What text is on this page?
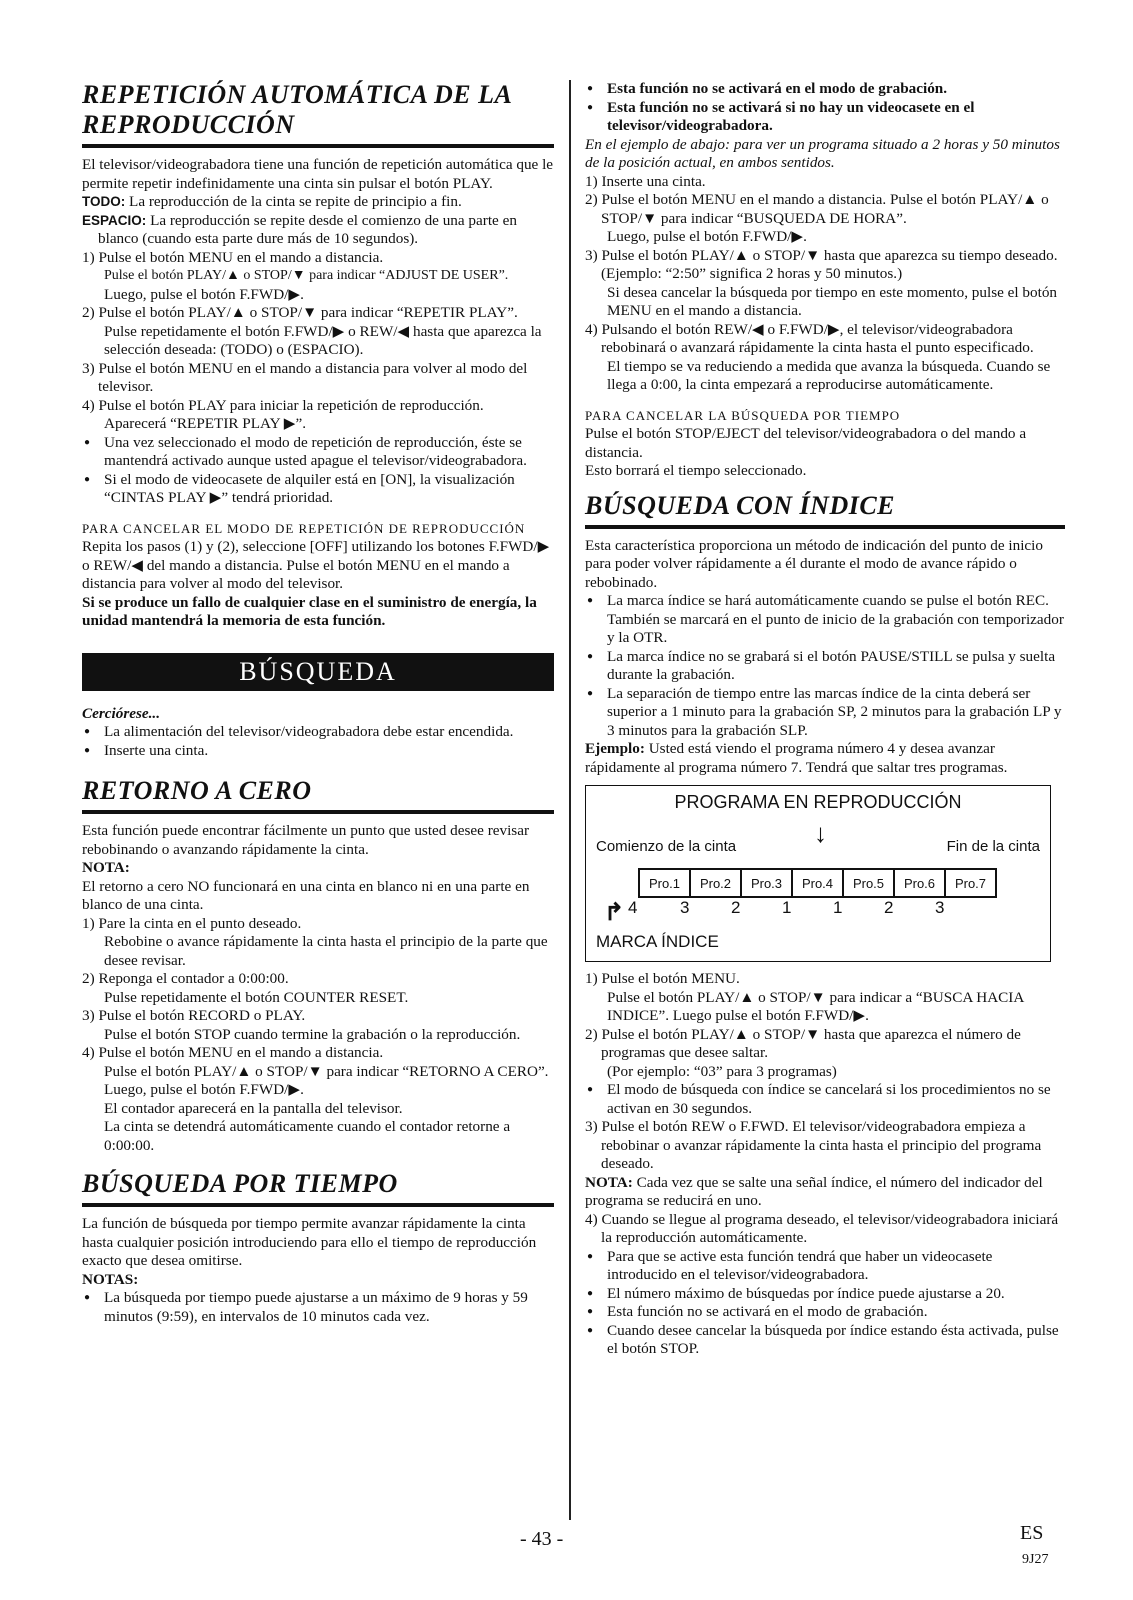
REPETICIÓN AUTOMÁTICA DE LA
REPRODUCCIÓN

El televisor/videograbadora tiene una función de repetición automática que le permite repetir indefinidamente una cinta sin pulsar el botón PLAY.

TODO: La reproducción de la cinta se repite de principio a fin.

ESPACIO: La reproducción se repite desde el comienzo de una parte en blanco (cuando esta parte dure más de 10 segundos).

1) Pulse el botón MENU en el mando a distancia.

Pulse el botón PLAY/▲ o STOP/▼ para indicar “ADJUST DE USER”.

Luego, pulse el botón F.FWD/▶.

2) Pulse el botón PLAY/▲ o STOP/▼ para indicar “REPETIR PLAY”.

Pulse repetidamente el botón F.FWD/▶ o REW/◀ hasta que aparezca la selección deseada: (TODO) o (ESPACIO).

3) Pulse el botón MENU en el mando a distancia para volver al modo del televisor.

4) Pulse el botón PLAY para iniciar la repetición de reproducción.

Aparecerá “REPETIR PLAY ▶”.

● Una vez seleccionado el modo de repetición de reproducción, éste se mantendrá activado aunque usted apague el televisor/videograbadora.

● Si el modo de videocasete de alquiler está en [ON], la visualización “CINTAS PLAY ▶” tendrá prioridad.

PARA CANCELAR EL MODO DE REPETICIÓN DE REPRODUCCIÓN

Repita los pasos (1) y (2), seleccione [OFF] utilizando los botones F.FWD/▶ o REW/◀ del mando a distancia. Pulse el botón MENU en el mando a distancia para volver al modo del televisor.

Si se produce un fallo de cualquier clase en el suministro de energía, la unidad mantendrá la memoria de esta función.

BÚSQUEDA

Cerciórese...

● La alimentación del televisor/videograbadora debe estar encendida.

● Inserte una cinta.

RETORNO A CERO

Esta función puede encontrar fácilmente un punto que usted desee revisar rebobinando o avanzando rápidamente la cinta.

NOTA:

El retorno a cero NO funcionará en una cinta en blanco ni en una parte en blanco de una cinta.

1) Pare la cinta en el punto deseado.

Rebobine o avance rápidamente la cinta hasta el principio de la parte que desee revisar.

2) Reponga el contador a 0:00:00.

Pulse repetidamente el botón COUNTER RESET.

3) Pulse el botón RECORD o PLAY.

Pulse el botón STOP cuando termine la grabación o la reproducción.

4) Pulse el botón MENU en el mando a distancia.

Pulse el botón PLAY/▲ o STOP/▼ para indicar “RETORNO A CERO”.

Luego, pulse el botón F.FWD/▶.

El contador aparecerá en la pantalla del televisor.

La cinta se detendrá automáticamente cuando el contador retorne a 0:00:00.

BÚSQUEDA POR TIEMPO

La función de búsqueda por tiempo permite avanzar rápidamente la cinta hasta cualquier posición introduciendo para ello el tiempo de reproducción exacto que desea omitirse.

NOTAS:

● La búsqueda por tiempo puede ajustarse a un máximo de 9 horas y 59 minutos (9:59), en intervalos de 10 minutos cada vez.

● Esta función no se activará en el modo de grabación.

● Esta función no se activará si no hay un videocasete en el televisor/videograbadora.

En el ejemplo de abajo: para ver un programa situado a 2 horas y 50 minutos de la posición actual, en ambos sentidos.

1) Inserte una cinta.

2) Pulse el botón MENU en el mando a distancia. Pulse el botón PLAY/▲ o STOP/▼ para indicar “BUSQUEDA DE HORA”.

Luego, pulse el botón F.FWD/▶.

3) Pulse el botón PLAY/▲ o STOP/▼ hasta que aparezca su tiempo deseado. (Ejemplo: “2:50” significa 2 horas y 50 minutos.)

Si desea cancelar la búsqueda por tiempo en este momento, pulse el botón MENU en el mando a distancia.

4) Pulsando el botón REW/◀ o F.FWD/▶, el televisor/videograbadora rebobinará o avanzará rápidamente la cinta hasta el punto especificado.

El tiempo se va reduciendo a medida que avanza la búsqueda. Cuando se llega a 0:00, la cinta empezará a reproducirse automáticamente.

PARA CANCELAR LA BÚSQUEDA POR TIEMPO

Pulse el botón STOP/EJECT del televisor/videograbadora o del mando a distancia.

Esto borrará el tiempo seleccionado.

BÚSQUEDA CON ÍNDICE

Esta característica proporciona un método de indicación del punto de inicio para poder volver rápidamente a él durante el modo de avance rápido o rebobinado.

● La marca índice se hará automáticamente cuando se pulse el botón REC. También se marcará en el punto de inicio de la grabación con temporizador y la OTR.

● La marca índice no se grabará si el botón PAUSE/STILL se pulsa y suelta durante la grabación.

● La separación de tiempo entre las marcas índice de la cinta deberá ser superior a 1 minuto para la grabación SP, 2 minutos para la grabación LP y 3 minutos para la grabación SLP.

Ejemplo: Usted está viendo el programa número 4 y desea avanzar rápidamente al programa número 7. Tendrá que saltar tres programas.

PROGRAMA EN REPRODUCCIÓN
Comienzo de la cinta	↓	Fin de la cinta
Pro.1	Pro.2	Pro.3	Pro.4	Pro.5	Pro.6	Pro.7
↱ 4	3 2 1 1 2 3
MARCA ÍNDICE

1) Pulse el botón MENU.

Pulse el botón PLAY/▲ o STOP/▼ para indicar a “BUSCA HACIA INDICE”. Luego pulse el botón F.FWD/▶.

2) Pulse el botón PLAY/▲ o STOP/▼ hasta que aparezca el número de programas que desee saltar.

(Por ejemplo: “03” para 3 programas)

● El modo de búsqueda con índice se cancelará si los procedimientos no se activan en 30 segundos.

3) Pulse el botón REW o F.FWD. El televisor/videograbadora empieza a rebobinar o avanzar rápidamente la cinta hasta el principio del programa deseado.

NOTA: Cada vez que se salte una señal índice, el número del indicador del programa se reducirá en uno.

4) Cuando se llegue al programa deseado, el televisor/videograbadora iniciará la reproducción automáticamente.

● Para que se active esta función tendrá que haber un videocasete introducido en el televisor/videograbadora.

● El número máximo de búsquedas por índice puede ajustarse a 20.

● Esta función no se activará en el modo de grabación.

● Cuando desee cancelar la búsqueda por índice estando ésta activada, pulse el botón STOP.

- 43 -	ES
9J27
